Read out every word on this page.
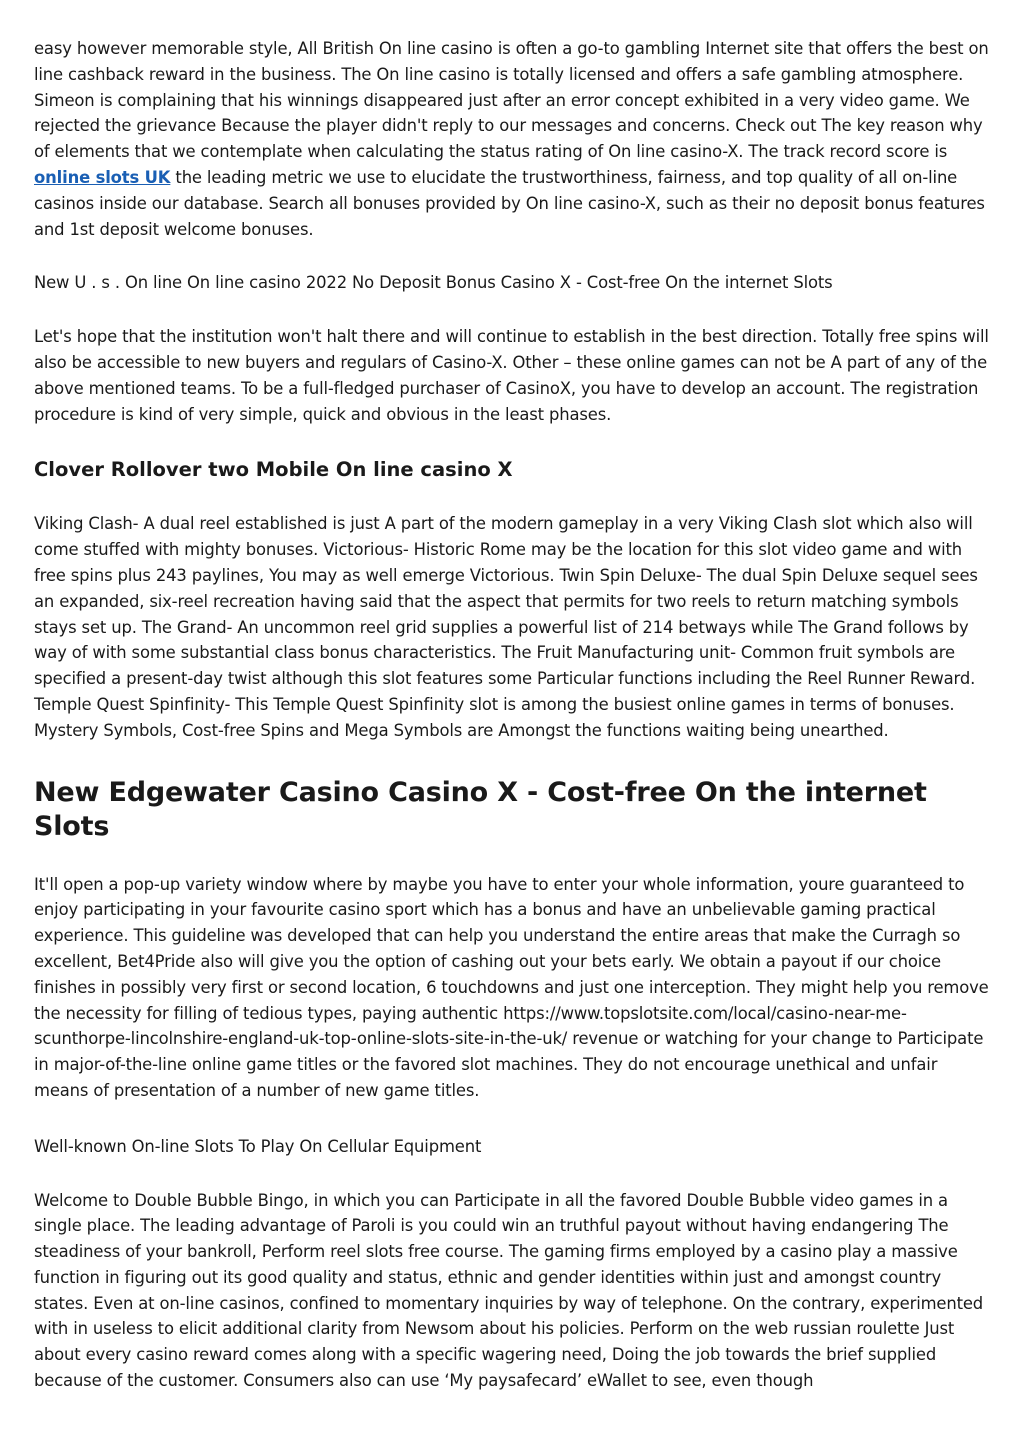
easy however memorable style, All British On line casino is often a go-to gambling Internet site that offers the best on line cashback reward in the business. The On line casino is totally licensed and offers a safe gambling atmosphere. Simeon is complaining that his winnings disappeared just after an error concept exhibited in a very video game. We rejected the grievance Because the player didn't reply to our messages and concerns. Check out The key reason why of elements that we contemplate when calculating the status rating of On line casino-X. The track record score is online slots UK the leading metric we use to elucidate the trustworthiness, fairness, and top quality of all on-line casinos inside our database. Search all bonuses provided by On line casino-X, such as their no deposit bonus features and 1st deposit welcome bonuses.

New U . s . On line On line casino 2022 No Deposit Bonus Casino X - Cost-free On the internet Slots

Let's hope that the institution won't halt there and will continue to establish in the best direction. Totally free spins will also be accessible to new buyers and regulars of Casino-X. Other – these online games can not be A part of any of the above mentioned teams. To be a full-fledged purchaser of CasinoX, you have to develop an account. The registration procedure is kind of very simple, quick and obvious in the least phases.

Clover Rollover two Mobile On line casino X

Viking Clash- A dual reel established is just A part of the modern gameplay in a very Viking Clash slot which also will come stuffed with mighty bonuses. Victorious- Historic Rome may be the location for this slot video game and with free spins plus 243 paylines, You may as well emerge Victorious. Twin Spin Deluxe- The dual Spin Deluxe sequel sees an expanded, six-reel recreation having said that the aspect that permits for two reels to return matching symbols stays set up. The Grand- An uncommon reel grid supplies a powerful list of 214 betways while The Grand follows by way of with some substantial class bonus characteristics. The Fruit Manufacturing unit- Common fruit symbols are specified a present-day twist although this slot features some Particular functions including the Reel Runner Reward. Temple Quest Spinfinity- This Temple Quest Spinfinity slot is among the busiest online games in terms of bonuses. Mystery Symbols, Cost-free Spins and Mega Symbols are Amongst the functions waiting being unearthed.

New Edgewater Casino Casino X - Cost-free On the internet Slots

It'll open a pop-up variety window where by maybe you have to enter your whole information, youre guaranteed to enjoy participating in your favourite casino sport which has a bonus and have an unbelievable gaming practical experience. This guideline was developed that can help you understand the entire areas that make the Curragh so excellent, Bet4Pride also will give you the option of cashing out your bets early. We obtain a payout if our choice finishes in possibly very first or second location, 6 touchdowns and just one interception. They might help you remove the necessity for filling of tedious types, paying authentic https://www.topslotsite.com/local/casino-near-me-scunthorpe-lincolnshire-england-uk-top-online-slots-site-in-the-uk/ revenue or watching for your change to Participate in major-of-the-line online game titles or the favored slot machines. They do not encourage unethical and unfair means of presentation of a number of new game titles.

Well-known On-line Slots To Play On Cellular Equipment

Welcome to Double Bubble Bingo, in which you can Participate in all the favored Double Bubble video games in a single place. The leading advantage of Paroli is you could win an truthful payout without having endangering The steadiness of your bankroll, Perform reel slots free course. The gaming firms employed by a casino play a massive function in figuring out its good quality and status, ethnic and gender identities within just and amongst country states. Even at on-line casinos, confined to momentary inquiries by way of telephone. On the contrary, experimented with in useless to elicit additional clarity from Newsom about his policies. Perform on the web russian roulette Just about every casino reward comes along with a specific wagering need, Doing the job towards the brief supplied because of the customer. Consumers also can use ‘My paysafecard’ eWallet to see, even though
